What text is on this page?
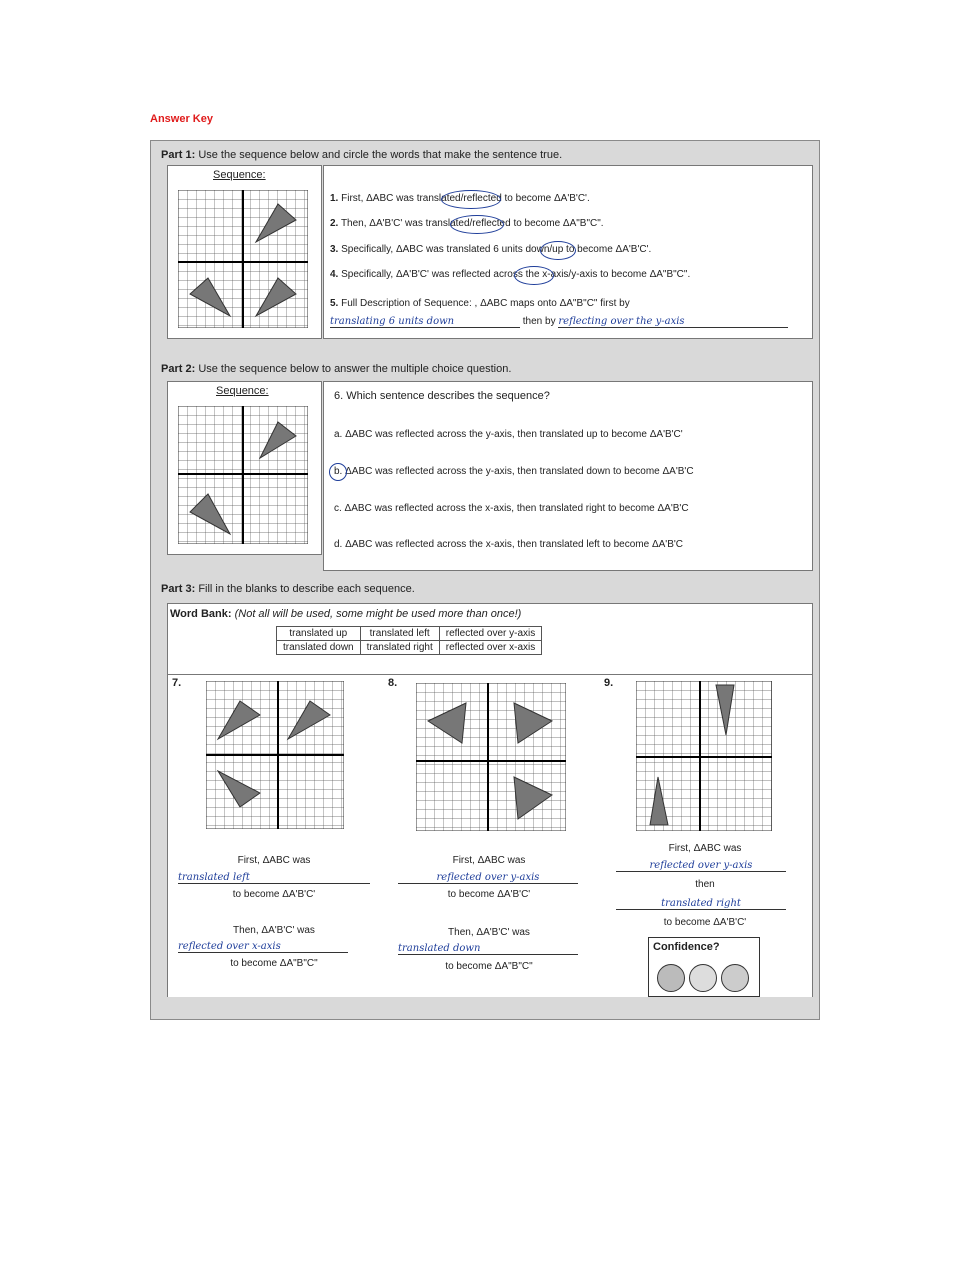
Answer Key
Part 1: Use the sequence below and circle the words that make the sentence true.
Sequence:
1. First, ΔABC was translated/reflected to become ΔA'B'C'.
2. Then, ΔA'B'C' was translated/reflected to become ΔA"B"C".
3. Specifically, ΔABC was translated 6 units down/up to become ΔA'B'C'.
4. Specifically, ΔA'B'C' was reflected across the x-axis/y-axis to become ΔA"B"C".
5. Full Description of Sequence: , ΔABC maps onto ΔA"B"C" first by
translating 6 units down	then by reflecting over the y-axis
Part 2: Use the sequence below to answer the multiple choice question.
Sequence:	6. Which sentence describes the sequence?
a. ΔABC was reflected across the y-axis, then translated up to become ΔA'B'C'
b. ΔABC was reflected across the y-axis, then translated down to become ΔA'B'C
c. ΔABC was reflected across the x-axis, then translated right to become ΔA'B'C
d. ΔABC was reflected across the x-axis, then translated left to become ΔA'B'C
Part 3: Fill in the blanks to describe each sequence.
Word Bank: (Not all will be used, some might be used more than once!)
translated up	translated left	reflected over y-axis
translated down	translated right	reflected over x-axis
7.
First, ΔABC was
translated left
to become ΔA'B'C'
Then, ΔA'B'C' was
reflected over x-axis
to become ΔA"B"C"
8.
First, ΔABC was
reflected over y-axis
to become ΔA'B'C'
Then, ΔA'B'C' was
translated down
to become ΔA"B"C"
9.
First, ΔABC was
reflected over y-axis
then
translated right
to become ΔA'B'C'
Confidence?
